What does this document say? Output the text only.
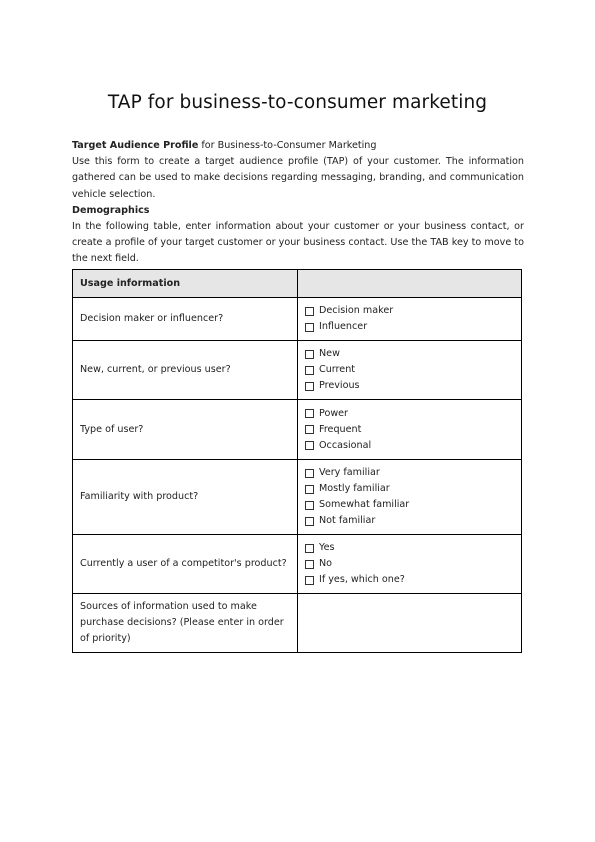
TAP for business-to-consumer marketing

Target Audience Profile for Business-to-Consumer Marketing

Use this form to create a target audience profile (TAP) of your customer. The information gathered can be used to make decisions regarding messaging, branding, and communication vehicle selection.

Demographics

In the following table, enter information about your customer or your business contact, or create a profile of your target customer or your business contact. Use the TAB key to move to the next field.

Usage information	
Decision maker or influencer?	Decision maker
Influencer

New, current, or previous user?	New
Current
Previous

Type of user?	Power
Frequent
Occasional

Familiarity with product?	Very familiar
Mostly familiar
Somewhat familiar
Not familiar

Currently a user of a competitor's product?	Yes
No
If yes, which one?

Sources of information used to make purchase decisions? (Please enter in order of priority)	
